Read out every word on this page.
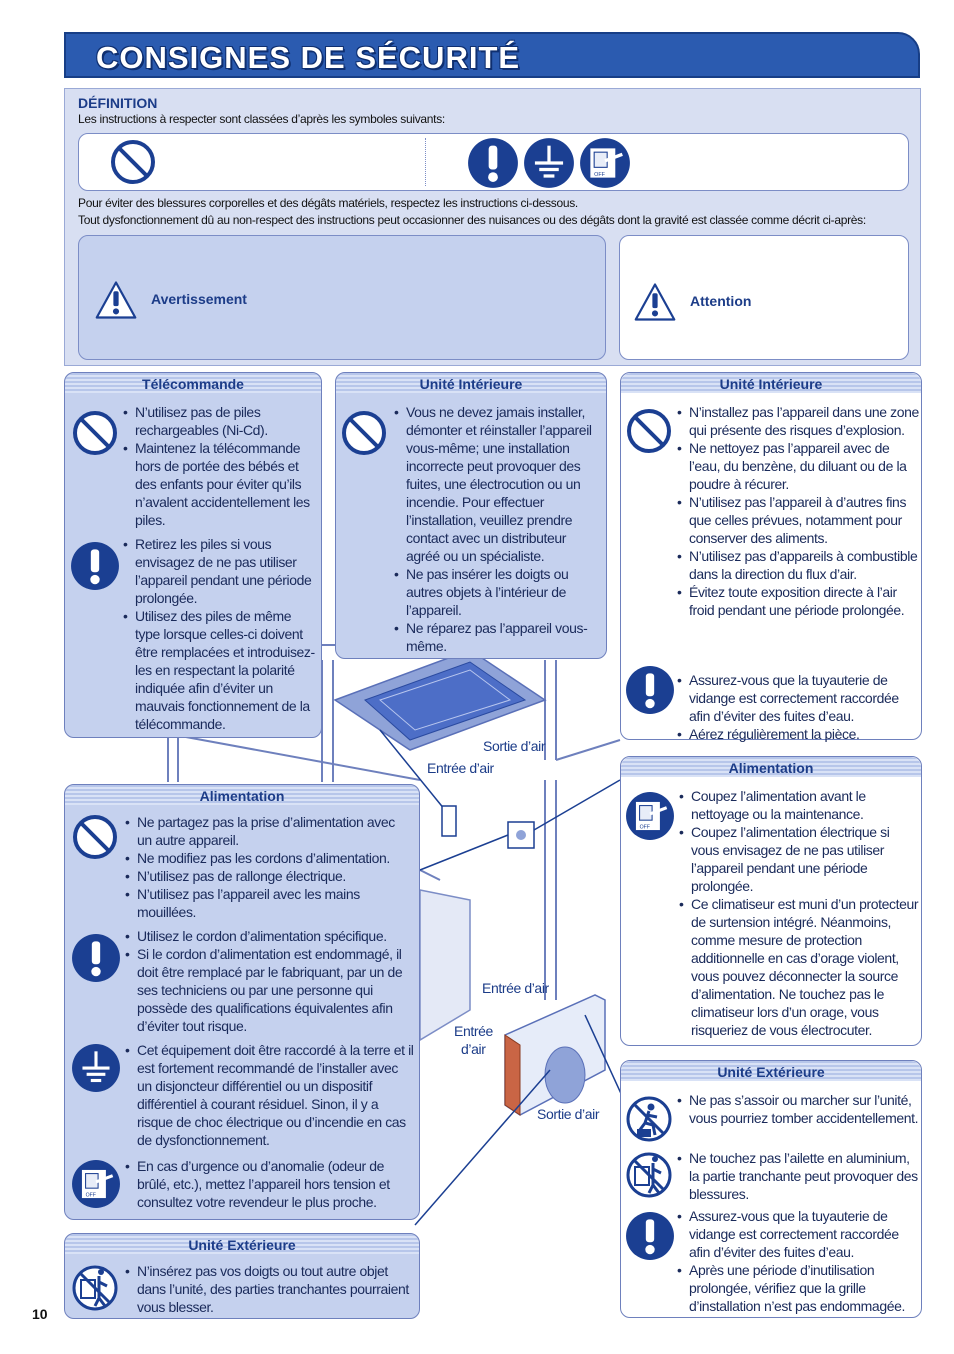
CONSIGNES DE SÉCURITÉ
DÉFINITION
Les instructions à respecter sont classées d’après les symboles suivants:
Pour éviter des blessures corporelles et des dégâts matériels, respectez les instructions ci-dessous.
Tout dysfonctionnement dû au non-respect des instructions peut occasionner des nuisances ou des dégâts dont la gravité est classée comme décrit ci-après:
Avertissement	Attention
Sortie d’air
Entrée d’air
Entrée d’air
Entrée
d’air
Sortie d’air
Télécommande
• N’utilisez pas de piles rechargeables (Ni-Cd).
• Maintenez la télécommande hors de portée des bébés et des enfants pour éviter qu’ils n’avalent accidentellement les piles.
• Retirez les piles si vous envisagez de ne pas utiliser l’appareil pendant une période prolongée.
• Utilisez des piles de même type lorsque celles-ci doivent être remplacées et introduisez-les en respectant la polarité indiquée afin d’éviter un mauvais fonctionnement de la télécommande.
Unité Intérieure
• Vous ne devez jamais installer, démonter et réinstaller l’appareil vous-même; une installation incorrecte peut provoquer des fuites, une électrocution ou un incendie. Pour effectuer l’installation, veuillez prendre contact avec un distributeur agréé ou un spécialiste.
• Ne pas insérer les doigts ou autres objets à l’intérieur de l’appareil.
• Ne réparez pas l’appareil vous-même.
Unité Intérieure
• N’installez pas l’appareil dans une zone qui présente des risques d’explosion.
• Ne nettoyez pas l’appareil avec de l’eau, du benzène, du diluant ou de la poudre à récurer.
• N’utilisez pas l’appareil à d’autres fins que celles prévues, notamment pour conserver des aliments.
• N’utilisez pas d’appareils à combustible dans la direction du flux d’air.
• Évitez toute exposition directe à l’air froid pendant une période prolongée.
• Assurez-vous que la tuyauterie de vidange est correctement raccordée afin d’éviter des fuites d’eau.
• Aérez régulièrement la pièce.
Alimentation
• Ne partagez pas la prise d’alimentation avec un autre appareil.
• Ne modifiez pas les cordons d’alimentation.
• N’utilisez pas de rallonge électrique.
• N’utilisez pas l’appareil avec les mains mouillées.
• Utilisez le cordon d’alimentation spécifique.
• Si le cordon d’alimentation est endommagé, il doit être remplacé par le fabriquant, par un de ses techniciens ou par une personne qui possède des qualifications équivalentes afin d’éviter tout risque.
• Cet équipement doit être raccordé à la terre et il est fortement recommandé de l’installer avec un disjoncteur différentiel ou un dispositif différentiel à courant résiduel. Sinon, il y a risque de choc électrique ou d’incendie en cas de dysfonctionnement.
• En cas d’urgence ou d’anomalie (odeur de brûlé, etc.), mettez l’appareil hors tension et consultez votre revendeur le plus proche.
Alimentation
• Coupez l’alimentation avant le nettoyage ou la maintenance.
• Coupez l’alimentation électrique si vous envisagez de ne pas utiliser l’appareil pendant une période prolongée.
• Ce climatiseur est muni d’un protecteur de surtension intégré. Néanmoins, comme mesure de protection additionnelle en cas d’orage violent, vous pouvez déconnecter la source d’alimentation. Ne touchez pas le climatiseur lors d’un orage, vous risqueriez de vous électrocuter.
Unité Extérieure
• Ne pas s’assoir ou marcher sur l’unité, vous pourriez tomber accidentellement.
• Ne touchez pas l’ailette en aluminium, la partie tranchante peut provoquer des blessures.
• Assurez-vous que la tuyauterie de vidange est correctement raccordée afin d’éviter des fuites d’eau.
• Après une période d’inutilisation prolongée, vérifiez que la grille d’installation n’est pas endommagée.
Unité Extérieure
• N’insérez pas vos doigts ou tout autre objet dans l’unité, des parties tranchantes pourraient vous blesser.
10
